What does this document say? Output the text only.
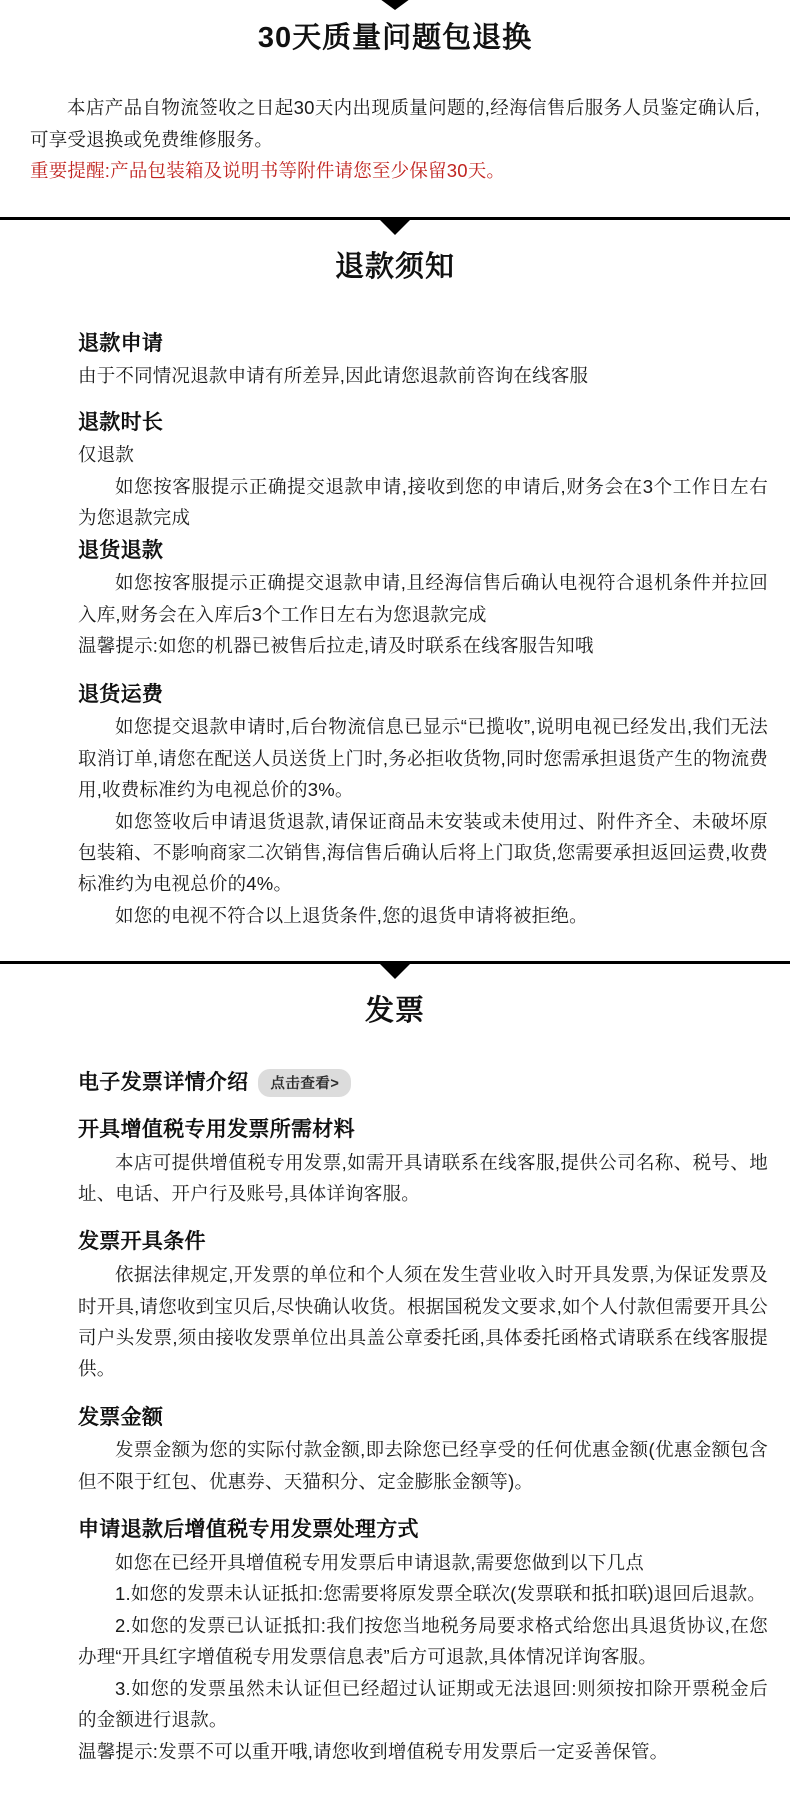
30天质量问题包退换

本店产品自物流签收之日起30天内出现质量问题的,经海信售后服务人员鉴定确认后,可享受退换或免费维修服务。

重要提醒:产品包装箱及说明书等附件请您至少保留30天。

退款须知
退款申请

由于不同情况退款申请有所差异,因此请您退款前咨询在线客服

退款时长

仅退款

如您按客服提示正确提交退款申请,接收到您的申请后,财务会在3个工作日左右为您退款完成

退货退款

如您按客服提示正确提交退款申请,且经海信售后确认电视符合退机条件并拉回入库,财务会在入库后3个工作日左右为您退款完成

温馨提示:如您的机器已被售后拉走,请及时联系在线客服告知哦

退货运费

如您提交退款申请时,后台物流信息已显示“已揽收”,说明电视已经发出,我们无法取消订单,请您在配送人员送货上门时,务必拒收货物,同时您需承担退货产生的物流费用,收费标准约为电视总价的3%。

如您签收后申请退货退款,请保证商品未安装或未使用过、附件齐全、未破坏原包装箱、不影响商家二次销售,海信售后确认后将上门取货,您需要承担返回运费,收费标准约为电视总价的4%。

如您的电视不符合以上退货条件,您的退货申请将被拒绝。

发票
电子发票详情介绍	点击查看>
开具增值税专用发票所需材料

本店可提供增值税专用发票,如需开具请联系在线客服,提供公司名称、税号、地址、电话、开户行及账号,具体详询客服。

发票开具条件

依据法律规定,开发票的单位和个人须在发生营业收入时开具发票,为保证发票及时开具,请您收到宝贝后,尽快确认收货。根据国税发文要求,如个人付款但需要开具公司户头发票,须由接收发票单位出具盖公章委托函,具体委托函格式请联系在线客服提供。

发票金额

发票金额为您的实际付款金额,即去除您已经享受的任何优惠金额(优惠金额包含但不限于红包、优惠券、天猫积分、定金膨胀金额等)。

申请退款后增值税专用发票处理方式

如您在已经开具增值税专用发票后申请退款,需要您做到以下几点

1.如您的发票未认证抵扣:您需要将原发票全联次(发票联和抵扣联)退回后退款。

2.如您的发票已认证抵扣:我们按您当地税务局要求格式给您出具退货协议,在您办理“开具红字增值税专用发票信息表”后方可退款,具体情况详询客服。

3.如您的发票虽然未认证但已经超过认证期或无法退回:则须按扣除开票税金后的金额进行退款。

温馨提示:发票不可以重开哦,请您收到增值税专用发票后一定妥善保管。
